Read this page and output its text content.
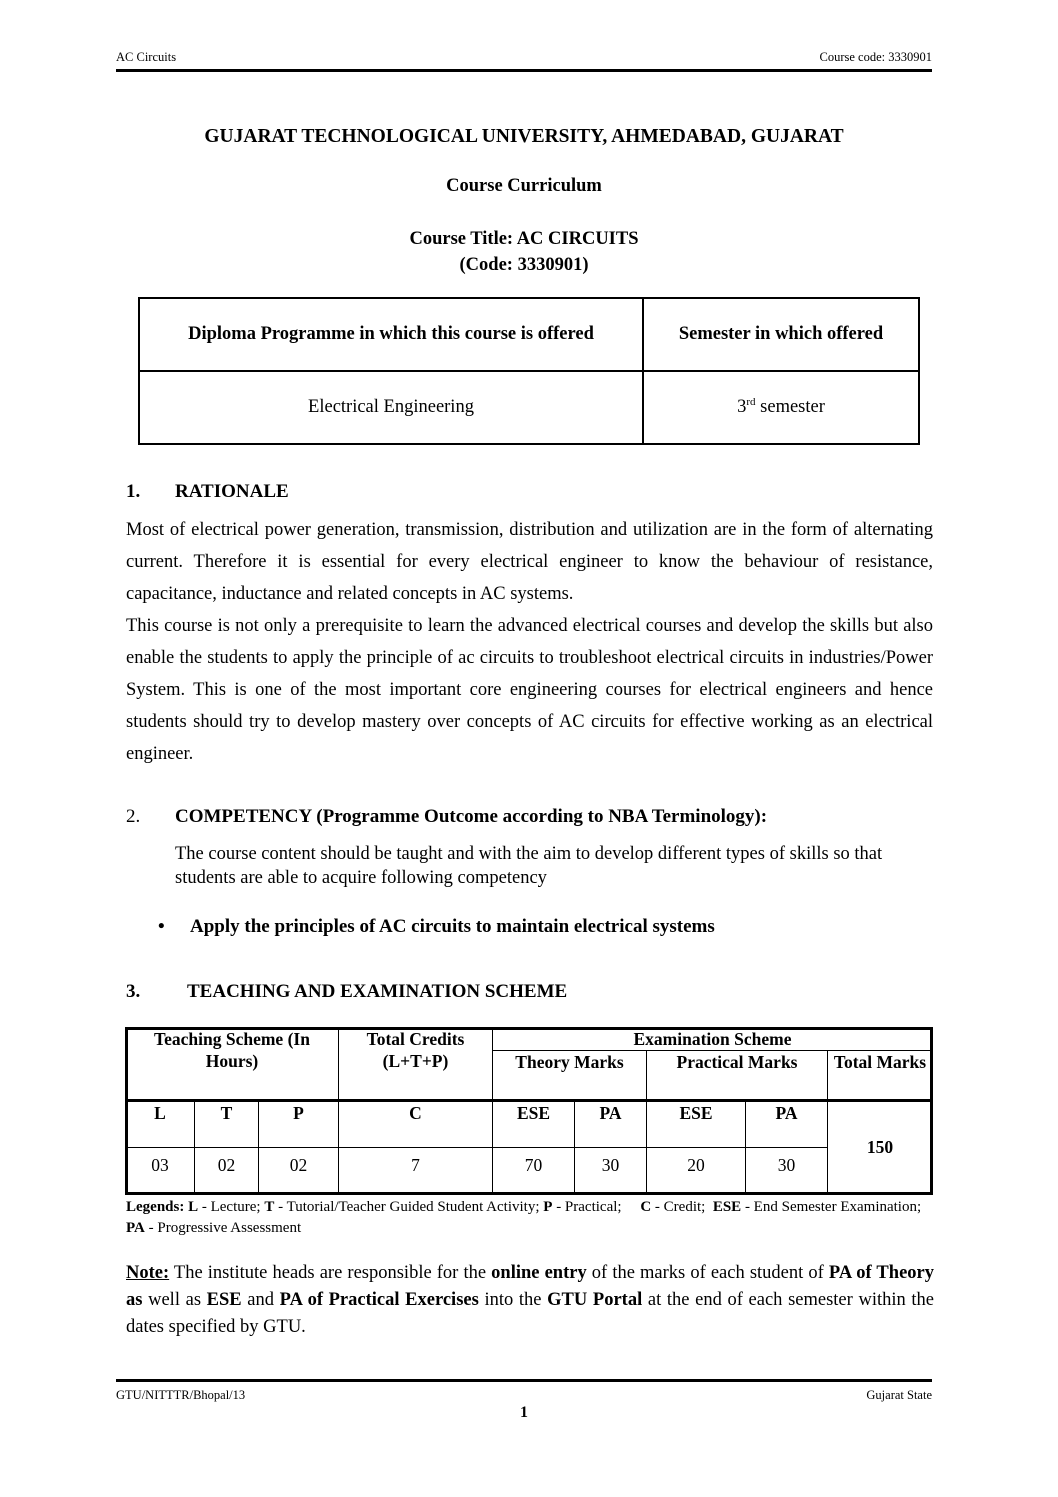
AC Circuits	Course code: 3330901
GUJARAT TECHNOLOGICAL UNIVERSITY, AHMEDABAD, GUJARAT
Course Curriculum
Course Title: AC CIRCUITS
(Code: 3330901)
Diploma Programme in which this course is offered	Semester in which offered
Electrical Engineering	3rd semester
1. RATIONALE

Most of electrical power generation, transmission, distribution and utilization are in the form of alternating current. Therefore it is essential for every electrical engineer to know the behaviour of resistance, capacitance, inductance and related concepts in AC systems.

This course is not only a prerequisite to learn the advanced electrical courses and develop the skills but also enable the students to apply the principle of ac circuits to troubleshoot electrical circuits in industries/Power System. This is one of the most important core engineering courses for electrical engineers and hence students should try to develop mastery over concepts of AC circuits for effective working as an electrical engineer.

2. COMPETENCY (Programme Outcome according to NBA Terminology):
The course content should be taught and with the aim to develop different types of skills so that students are able to acquire following competency
• Apply the principles of AC circuits to maintain electrical systems
3. TEACHING AND EXAMINATION SCHEME
Teaching Scheme (In Hours)			Total Credits (L+T+P)	Examination Scheme				
				Theory Marks		Practical Marks		Total Marks
L	T	P	C	ESE	PA	ESE	PA	150
03	02	02	7	70	30	20	30	
Legends: L - Lecture; T - Tutorial/Teacher Guided Student Activity; P - Practical;     C - Credit;  ESE - End Semester Examination; PA - Progressive Assessment
Note: The institute heads are responsible for the online entry of the marks of each student of PA of Theory as well as ESE and PA of Practical Exercises into the GTU Portal at the end of each semester within the dates specified by GTU.
GTU/NITTTR/Bhopal/13	Gujarat State
1
